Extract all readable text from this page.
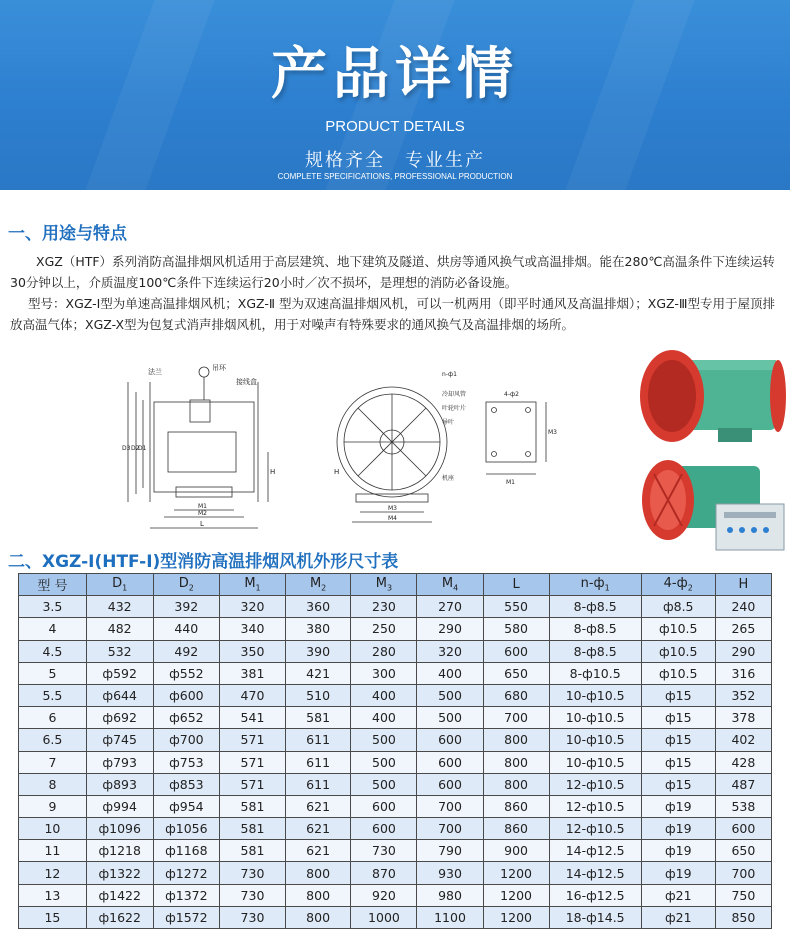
产品详情
PRODUCT DETAILS
规格齐全 专业生产
COMPLETE SPECIFICATIONS, PROFESSIONAL PRODUCTION
一、用途与特点
XGZ（HTF）系列消防高温排烟风机适用于高层建筑、地下建筑及隧道、烘房等通风换气或高温排烟。能在280℃高温条件下连续运转30分钟以上，介质温度100℃条件下连续运行20小时／次不损坏，是理想的消防必备设施。
型号：XGZ-Ⅰ型为单速高温排烟风机；XGZ-Ⅱ 型为双速高温排烟风机，可以一机两用（即平时通风及高温排烟）；XGZ-Ⅲ型专用于屋顶排放高温气体；XGZ-X型为包复式消声排烟风机，用于对噪声有特殊要求的通风换气及高温排烟的场所。
法兰	吊环
接线盒
D3 D2
D1
H
M1
M2
L
n-ф1
冷却风管
叶轮叶片
导叶
机座
H
M3
M4
4-ф2
M1
M3
二、XGZ-Ⅰ(HTF-Ⅰ)型消防高温排烟风机外形尺寸表
型 号	$D_1$	$D_2$	$M_1$	$M_2$	$M_3$	$M_4$	L	$n-ф_1$	$4-ф_2$	H
3.5	432	392	320	360	230	270	550	8-ф8.5	ф8.5	240
4	482	440	340	380	250	290	580	8-ф8.5	ф10.5	265
4.5	532	492	350	390	280	320	600	8-ф8.5	ф10.5	290
5	ф592	ф552	381	421	300	400	650	8-ф10.5	ф10.5	316
5.5	ф644	ф600	470	510	400	500	680	10-ф10.5	ф15	352
6	ф692	ф652	541	581	400	500	700	10-ф10.5	ф15	378
6.5	ф745	ф700	571	611	500	600	800	10-ф10.5	ф15	402
7	ф793	ф753	571	611	500	600	800	10-ф10.5	ф15	428
8	ф893	ф853	571	611	500	600	800	12-ф10.5	ф15	487
9	ф994	ф954	581	621	600	700	860	12-ф10.5	ф19	538
10	ф1096	ф1056	581	621	600	700	860	12-ф10.5	ф19	600
11	ф1218	ф1168	581	621	730	790	900	14-ф12.5	ф19	650
12	ф1322	ф1272	730	800	870	930	1200	14-ф12.5	ф19	700
13	ф1422	ф1372	730	800	920	980	1200	16-ф12.5	ф21	750
15	ф1622	ф1572	730	800	1000	1100	1200	18-ф14.5	ф21	850
